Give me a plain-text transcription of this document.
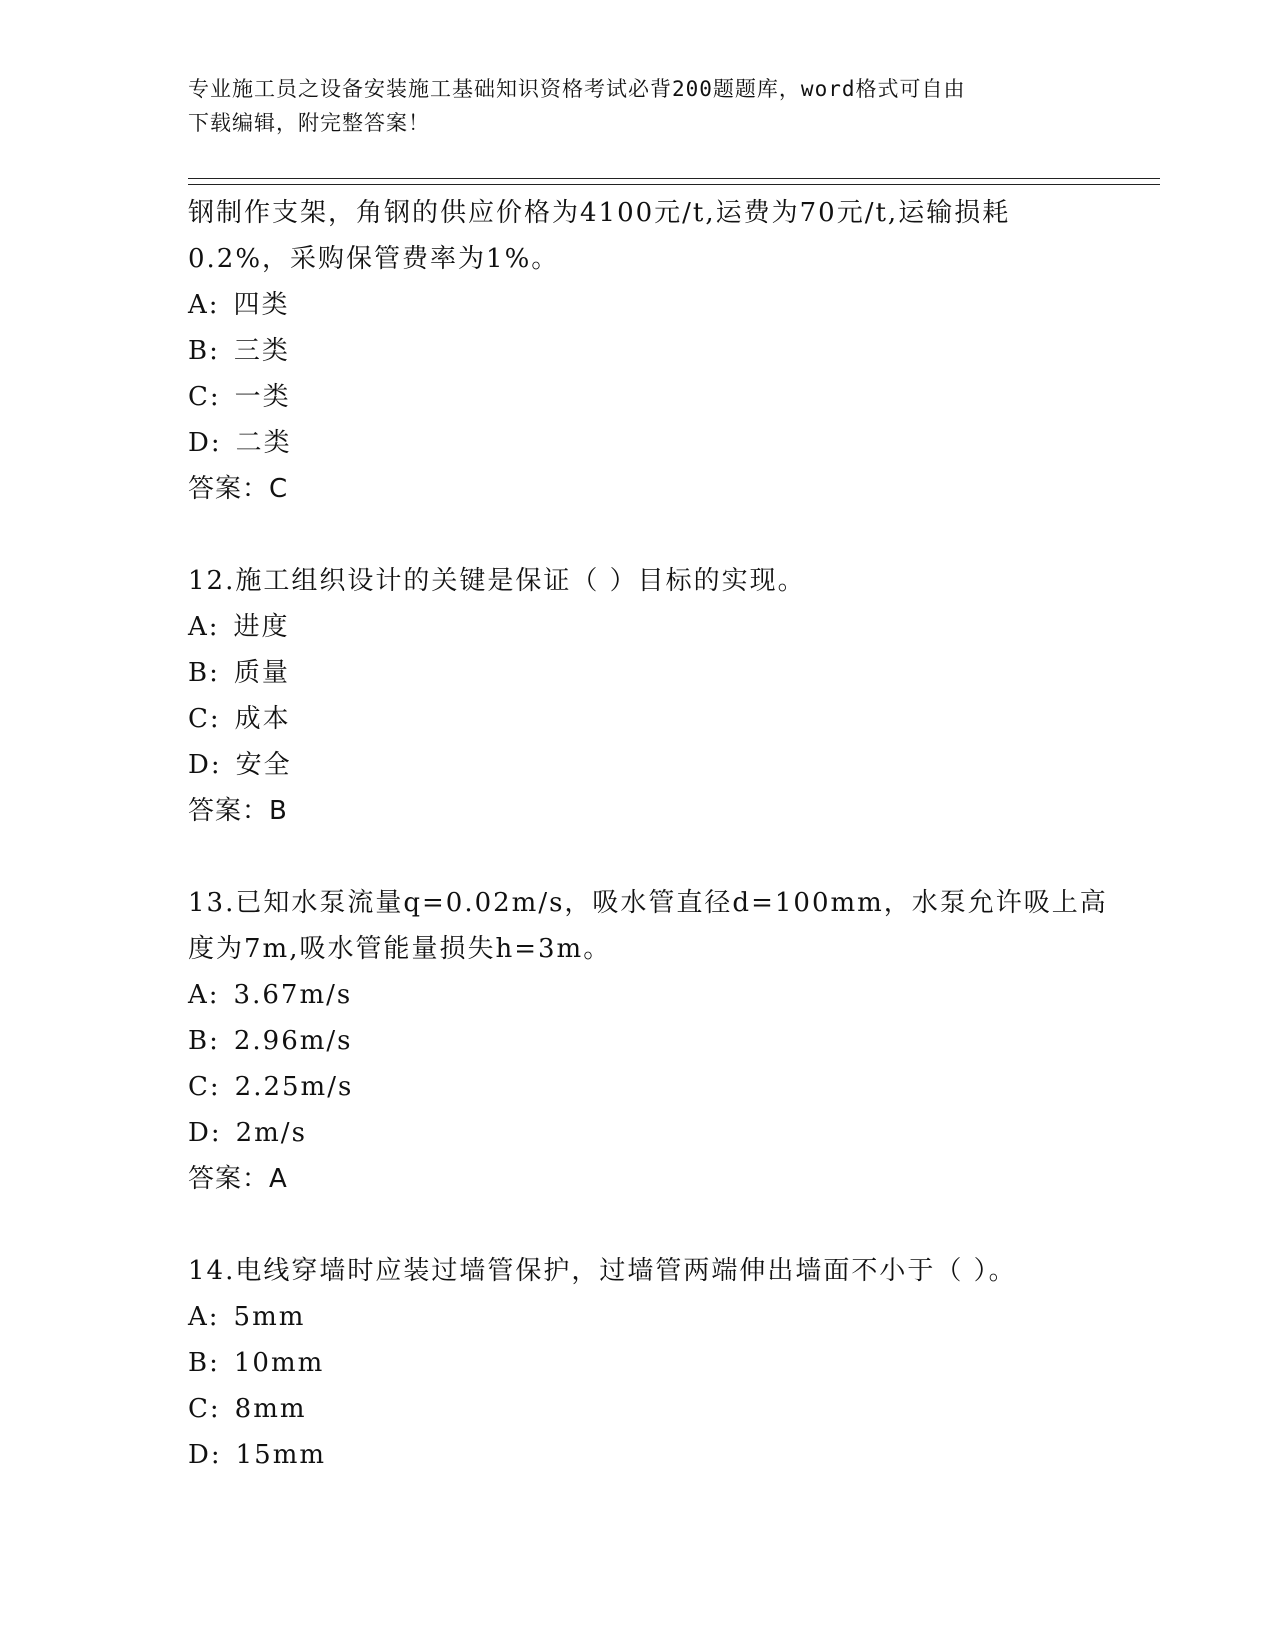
专业施工员之设备安装施工基础知识资格考试必背200题题库，word格式可自由
下载编辑，附完整答案！
钢制作支架，角钢的供应价格为4100元/t,运费为70元/t,运输损耗
0.2%，采购保管费率为1%。
A: 四类
B: 三类
C: 一类
D: 二类
答案：C
12.施工组织设计的关键是保证（ ）目标的实现。
A: 进度
B: 质量
C: 成本
D: 安全
答案：B
13.已知水泵流量q=0.02m/s，吸水管直径d=100mm，水泵允许吸上高
度为7m,吸水管能量损失h=3m。
A: 3.67m/s
B: 2.96m/s
C: 2.25m/s
D: 2m/s
答案：A
14.电线穿墙时应装过墙管保护，过墙管两端伸出墙面不小于（ ）。
A: 5mm
B: 10mm
C: 8mm
D: 15mm
